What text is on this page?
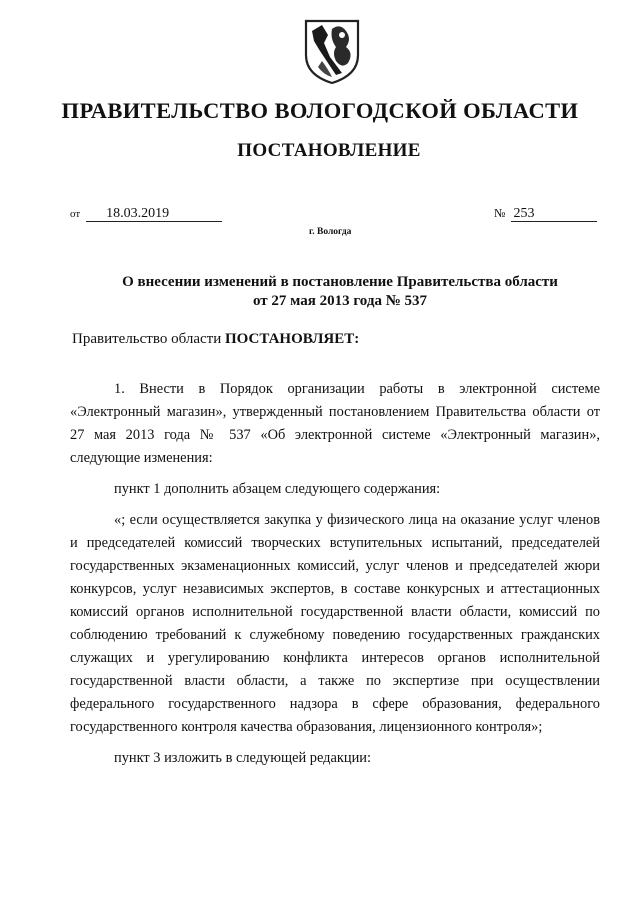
ПРАВИТЕЛЬСТВО ВОЛОГОДСКОЙ ОБЛАСТИ
ПОСТАНОВЛЕНИЕ
от 18.03.2019	№ 253
г. Вологда
О внесении изменений в постановление Правительства области
от 27 мая 2013 года № 537
Правительство области ПОСТАНОВЛЯЕТ:

1. Внести в Порядок организации работы в электронной системе «Электронный магазин», утвержденный постановлением Правительства области от 27 мая 2013 года № 537 «Об электронной системе «Электронный магазин», следующие изменения:

пункт 1 дополнить абзацем следующего содержания:

«; если осуществляется закупка у физического лица на оказание услуг членов и председателей комиссий творческих вступительных испытаний, председателей государственных экзаменационных комиссий, услуг членов и председателей жюри конкурсов, услуг независимых экспертов, в составе конкурсных и аттестационных комиссий органов исполнительной государственной власти области, комиссий по соблюдению требований к служебному поведению государственных гражданских служащих и урегулированию конфликта интересов органов исполнительной государственной власти области, а также по экспертизе при осуществлении федерального государственного надзора в сфере образования, федерального государственного контроля качества образования, лицензионного контроля»;

пункт 3 изложить в следующей редакции:
